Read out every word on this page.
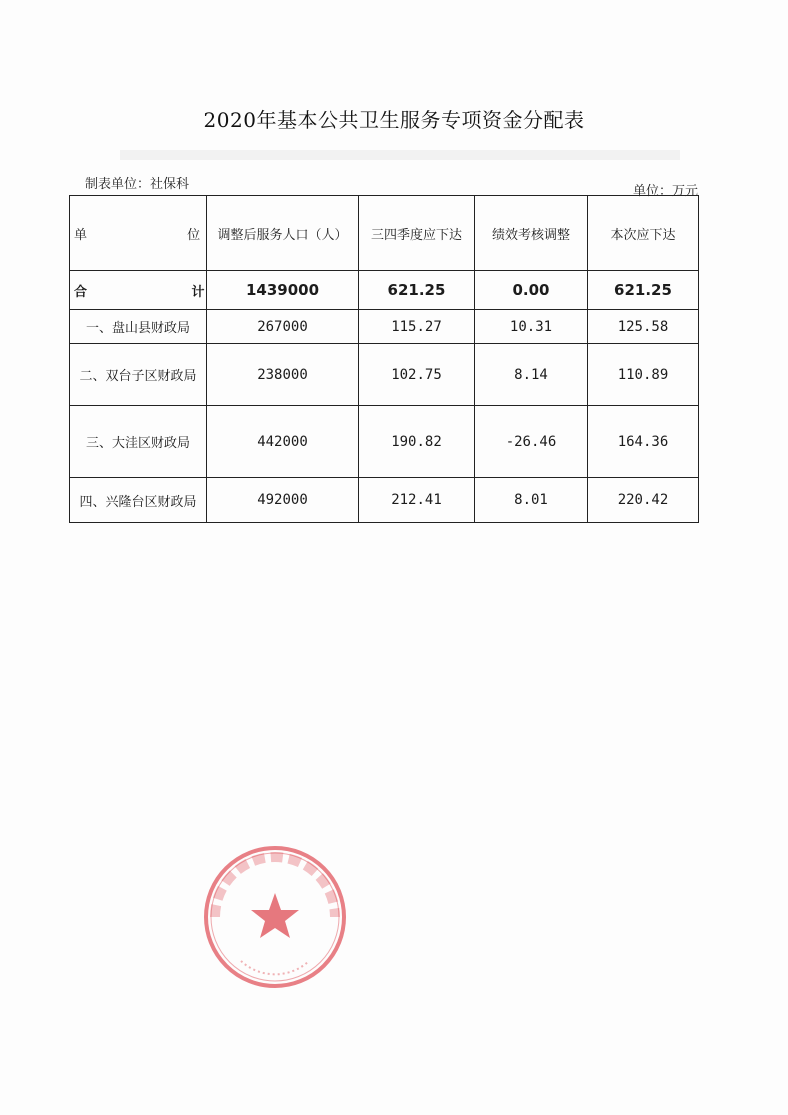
2020年基本公共卫生服务专项资金分配表
制表单位：社保科	单位：万元
单 位	调整后服务人口（人）	三四季度应下达	绩效考核调整	本次应下达
合 计	1439000	621.25	0.00	621.25
一、盘山县财政局	267000	115.27	10.31	125.58
二、双台子区财政局	238000	102.75	8.14	110.89
三、大洼区财政局	442000	190.82	-26.46	164.36
四、兴隆台区财政局	492000	212.41	8.01	220.42
